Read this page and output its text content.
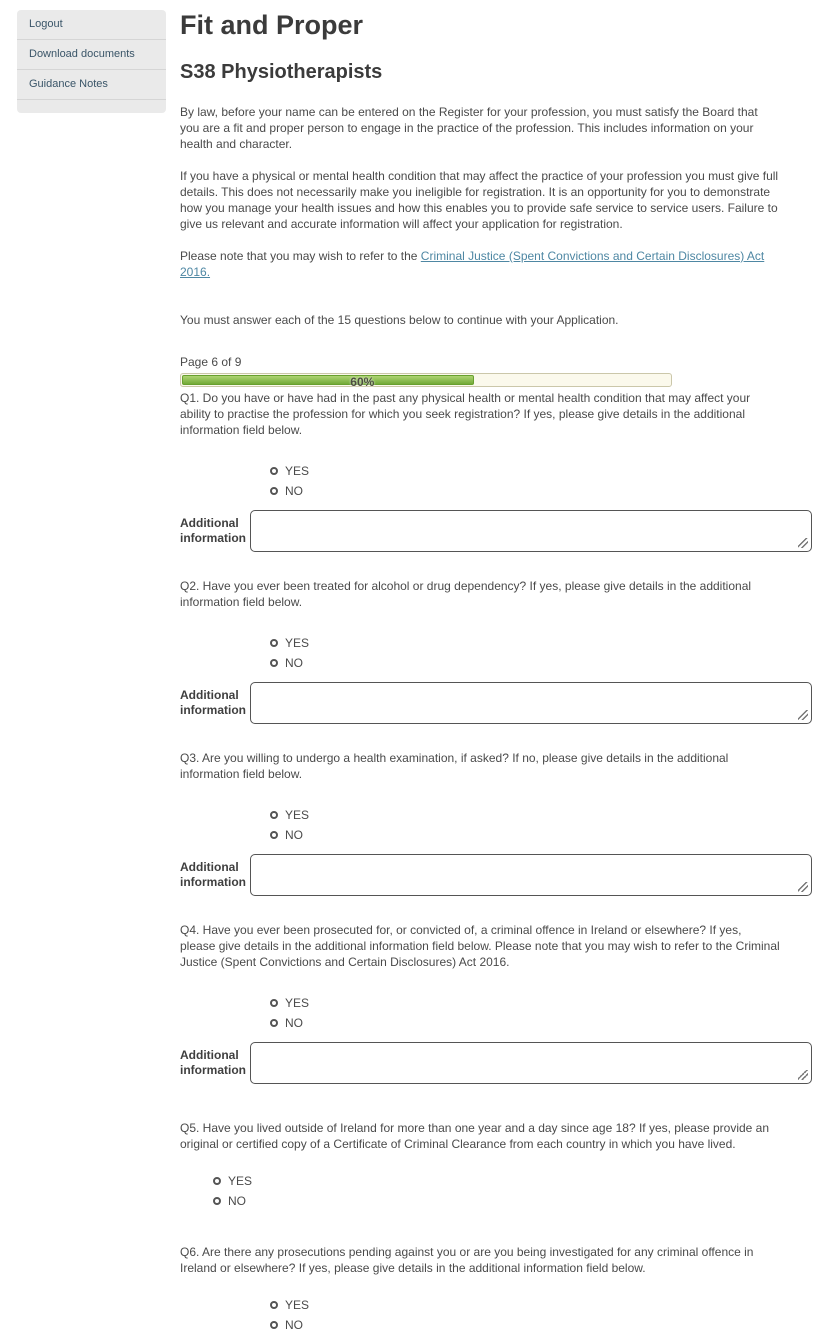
Logout
Download documents
Guidance Notes
Fit and Proper
S38 Physiotherapists

By law, before your name can be entered on the Register for your profession, you must satisfy the Board that you are a fit and proper person to engage in the practice of the profession. This includes information on your health and character.

If you have a physical or mental health condition that may affect the practice of your profession you must give full details. This does not necessarily make you ineligible for registration. It is an opportunity for you to demonstrate how you manage your health issues and how this enables you to provide safe service to service users. Failure to give us relevant and accurate information will affect your application for registration.

Please note that you may wish to refer to the Criminal Justice (Spent Convictions and Certain Disclosures) Act 2016.

You must answer each of the 15 questions below to continue with your Application.

Page 6 of 9
60%

Q1. Do you have or have had in the past any physical health or mental health condition that may affect your ability to practise the profession for which you seek registration? If yes, please give details in the additional information field below.

YES
NO
Additional information

Q2. Have you ever been treated for alcohol or drug dependency? If yes, please give details in the additional information field below.

YES
NO
Additional information

Q3. Are you willing to undergo a health examination, if asked? If no, please give details in the additional information field below.

YES
NO
Additional information

Q4. Have you ever been prosecuted for, or convicted of, a criminal offence in Ireland or elsewhere? If yes, please give details in the additional information field below. Please note that you may wish to refer to the Criminal Justice (Spent Convictions and Certain Disclosures) Act 2016.

YES
NO
Additional information

Q5. Have you lived outside of Ireland for more than one year and a day since age 18? If yes, please provide an original or certified copy of a Certificate of Criminal Clearance from each country in which you have lived.

YES
NO

Q6. Are there any prosecutions pending against you or are you being investigated for any criminal offence in Ireland or elsewhere? If yes, please give details in the additional information field below.

YES
NO
